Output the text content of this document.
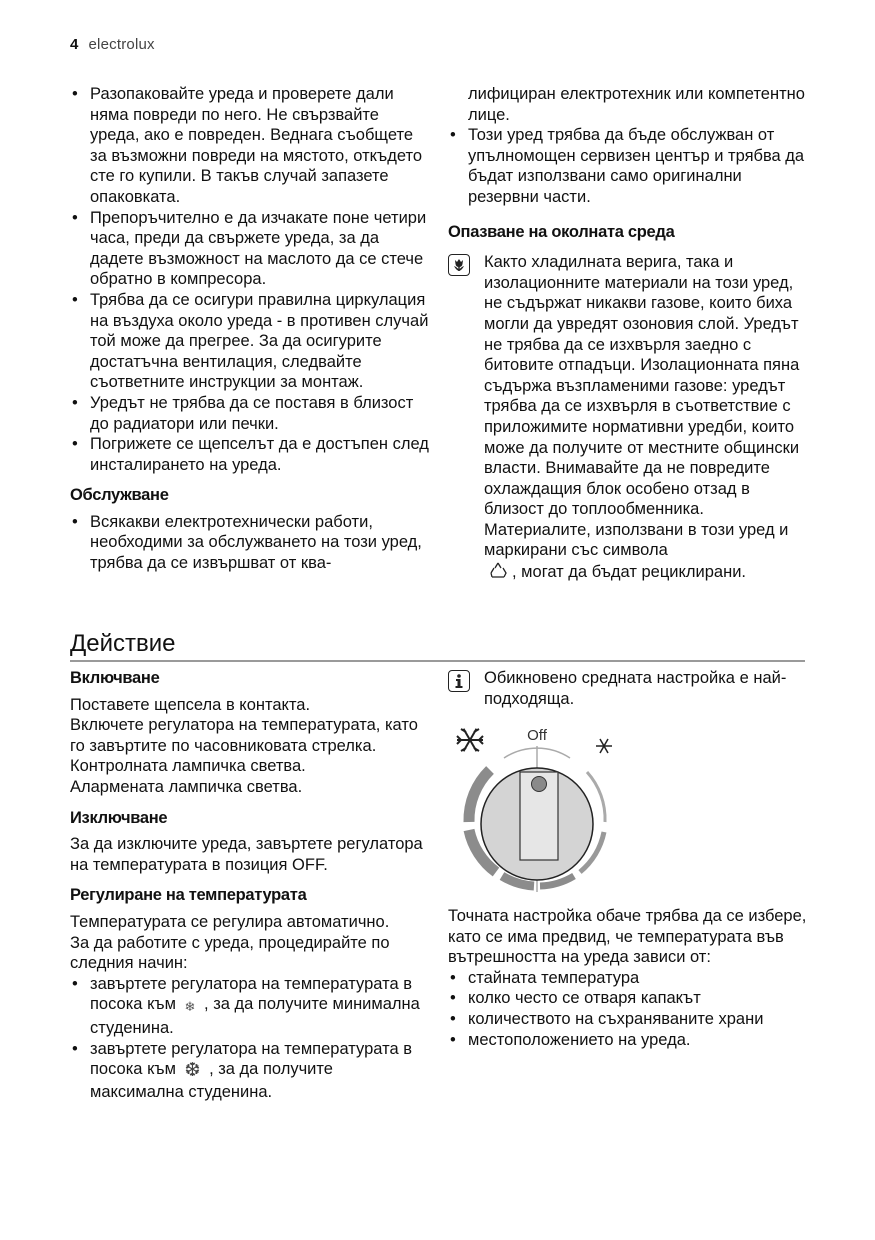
4 electrolux
• Разопаковайте уреда и проверете дали няма повреди по него. Не свързвайте уреда, ако е повреден. Веднага съобщете за възможни повреди на мястото, откъдето сте го купили. В такъв случай запазете опаковката.
• Препоръчително е да изчакате поне четири часа, преди да свържете уреда, за да дадете възможност на маслото да се стече обратно в компресора.
• Трябва да се осигури правилна циркулация на въздуха около уреда - в противен случай той може да прегрее. За да осигурите достатъчна вентилация, следвайте съответните инструкции за монтаж.
• Уредът не трябва да се поставя в близост до радиатори или печки.
• Погрижете се щепселът да е достъпен след инсталирането на уреда.
Обслужване
• Всякакви електротехнически работи, необходими за обслужването на този уред, трябва да се извършват от ква-
лифициран електротехник или компетентно лице.
• Този уред трябва да бъде обслужван от упълномощен сервизен център и трябва да бъдат използвани само оригинални резервни части.
Опазване на околната среда
Както хладилната верига, така и изолационните материали на този уред, не съдържат никакви газове, които биха могли да увредят озоновия слой. Уредът не трябва да се изхвърля заедно с битовите отпадъци. Изолационната пяна съдържа възпламеними газове: уредът трябва да се изхвърля в съответствие с приложимите нормативни уредби, които може да получите от местните общински власти. Внимавайте да не повредите охлаждащия блок особено отзад в близост до топлообменника. Материалите, използвани в този уред и маркирани със символа
, могат да бъдат рециклирани.
Действие
Включване

Поставете щепсела в контакта.

Включете регулатора на температурата, като го завъртите по часовниковата стрелка.

Контролната лампичка светва.

Алармената лампичка светва.

Изключване

За да изключите уреда, завъртете регулатора на температурата в позиция OFF.

Регулиране на температурата

Температурата се регулира автоматично.

За да работите с уреда, процедирайте по следния начин:

• завъртете регулатора на температурата в посока към ❄ , за да получите минимална студенина.
• завъртете регулатора на температурата в посока към ❆ , за да получите максимална студенина.
Обикновено средната настройка е най-подходяща.
Off

Точната настройка обаче трябва да се избере, като се има предвид, че температурата във вътрешността на уреда зависи от:

• стайната температура
• колко често се отваря капакът
• количеството на съхраняваните храни
• местоположението на уреда.
